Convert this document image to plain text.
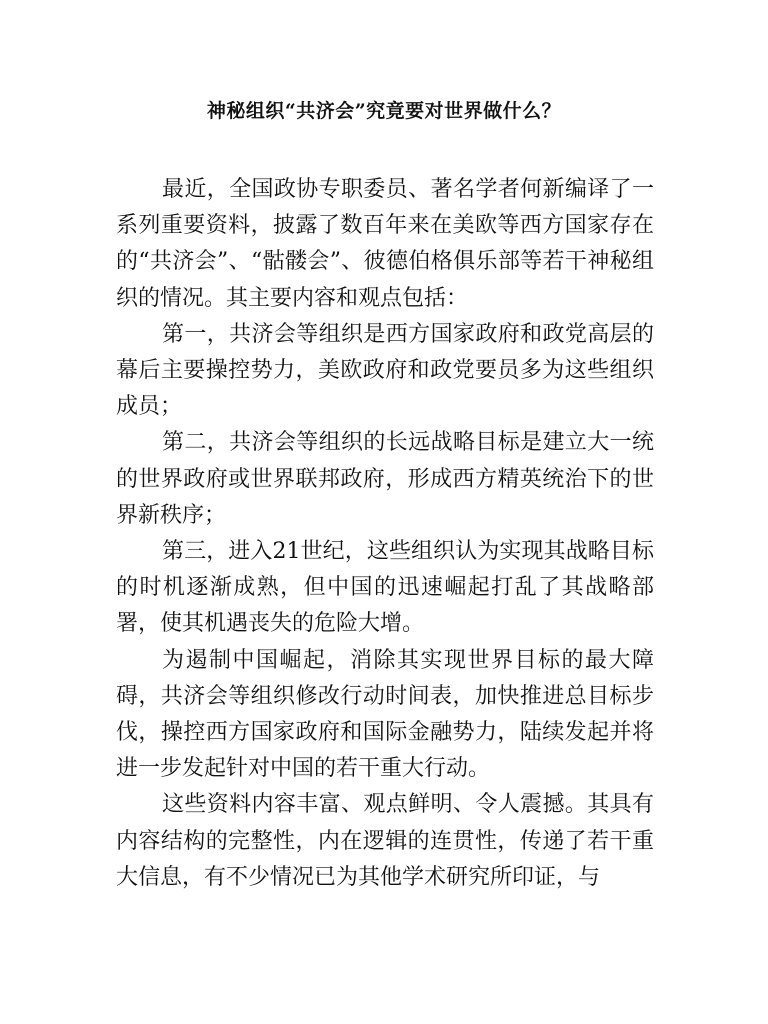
神秘组织“共济会”究竟要对世界做什么？

最近，全国政协专职委员、著名学者何新编译了一系列重要资料，披露了数百年来在美欧等西方国家存在的“共济会”、“骷髅会”、彼德伯格俱乐部等若干神秘组织的情况。其主要内容和观点包括：

第一，共济会等组织是西方国家政府和政党高层的幕后主要操控势力，美欧政府和政党要员多为这些组织成员；

第二，共济会等组织的长远战略目标是建立大一统的世界政府或世界联邦政府，形成西方精英统治下的世界新秩序；

第三，进入21世纪，这些组织认为实现其战略目标的时机逐渐成熟，但中国的迅速崛起打乱了其战略部署，使其机遇丧失的危险大增。

为遏制中国崛起，消除其实现世界目标的最大障碍，共济会等组织修改行动时间表，加快推进总目标步伐，操控西方国家政府和国际金融势力，陆续发起并将进一步发起针对中国的若干重大行动。

这些资料内容丰富、观点鲜明、令人震撼。其具有内容结构的完整性，内在逻辑的连贯性，传递了若干重大信息，有不少情况已为其他学术研究所印证，与
